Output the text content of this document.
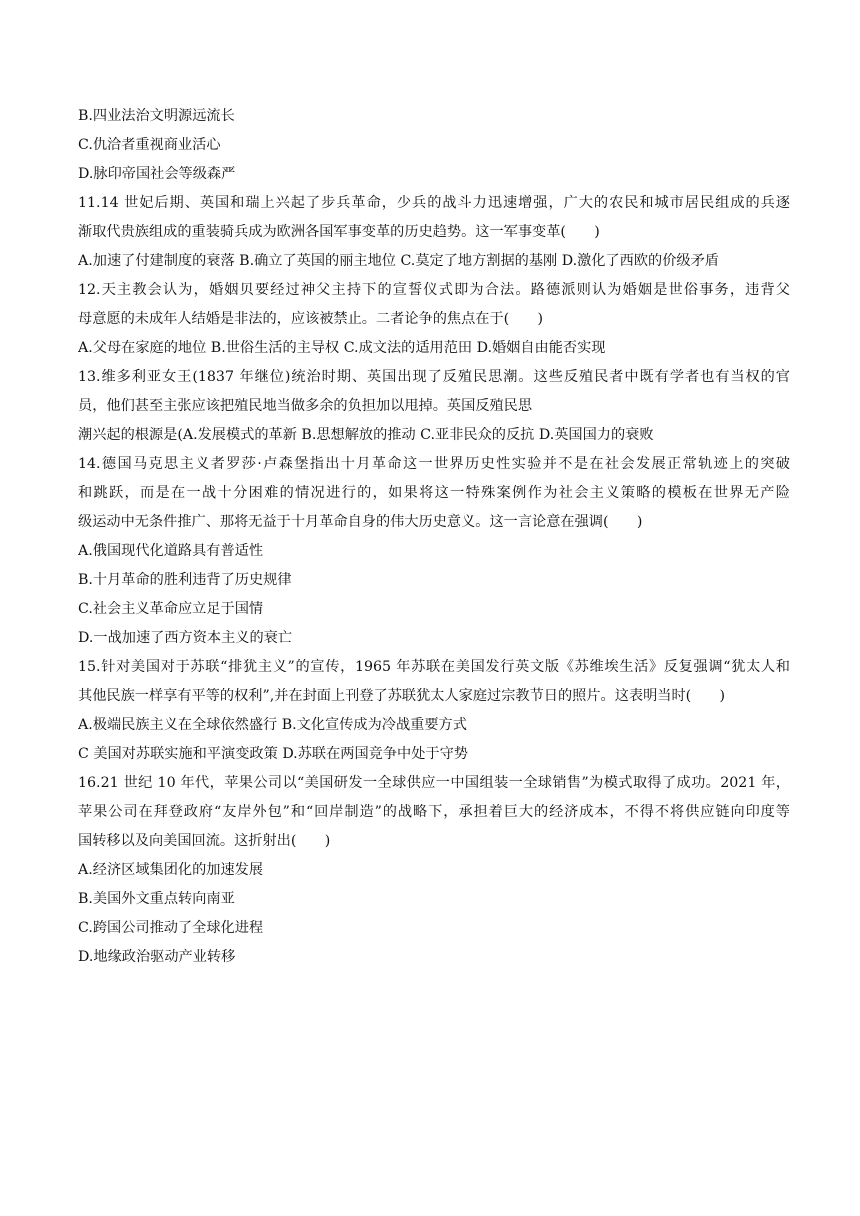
B.四业法治文明源远流长
C.仇洽者重视商业活心
D.脉印帝国社会等级森严
11.14 世妃后期、英国和瑞上兴起了步兵革命，少兵的战斗力迅速增强，广大的农民和城市居民组成的兵逐
渐取代贵族组成的重装骑兵成为欧洲各国军事变革的历史趋势。这一军事变革(　　)
A.加速了付建制度的衰落 B.确立了英国的丽主地位 C.莫定了地方割据的基刚 D.激化了西欧的价级矛盾
12.天主教会认为，婚姻贝要经过神父主持下的宣誓仪式即为合法。路德派则认为婚姻是世俗事务，违背父
母意愿的未成年人结婚是非法的，应该被禁止。二者论争的焦点在于(　　)
A.父母在家庭的地位 B.世俗生活的主导权 C.成文法的适用范田 D.婚姻自由能否实现
13.维多利亚女王(1837 年继位)统治时期、英国出现了反殖民思潮。这些反殖民者中既有学者也有当权的官
员，他们甚至主张应该把殖民地当做多余的负担加以甩掉。英国反殖民思
潮兴起的根源是(A.发展模式的革新 B.思想解放的推动 C.亚非民众的反抗 D.英国国力的衰败
14.德国马克思主义者罗莎·卢森堡指出十月革命这一世界历史性实验并不是在社会发展正常轨迹上的突破
和跳跃，而是在一战十分困难的情况进行的，如果将这一特殊案例作为社会主义策略的模板在世界无产险
级运动中无条件推广、那将无益于十月革命自身的伟大历史意义。这一言论意在强调(　　)
A.俄国现代化道路具有普适性
B.十月革命的胜利违背了历史规律
C.社会主义革命应立足于国情
D.一战加速了西方资本主义的衰亡
15.针对美国对于苏联“排犹主义”的宣传，1965 年苏联在美国发行英文版《苏维埃生活》反复强调“犹太人和
其他民族一样享有平等的权利”,并在封面上刊登了苏联犹太人家庭过宗教节日的照片。这表明当时(　　)
A.极端民族主义在全球依然盛行 B.文化宣传成为冷战重要方式
C 美国对苏联实施和平演变政策 D.苏联在两国竞争中处于守势
16.21 世纪 10 年代，苹果公司以“美国研发一全球供应一中国组装一全球销售”为模式取得了成功。2021 年，
苹果公司在拜登政府“友岸外包”和“回岸制造”的战略下，承担着巨大的经济成本，不得不将供应链向印度等
国转移以及向美国回流。这折射出(　　)
A.经济区域集团化的加速发展
B.美国外文重点转向南亚
C.跨国公司推动了全球化进程
D.地缘政治驱动产业转移
